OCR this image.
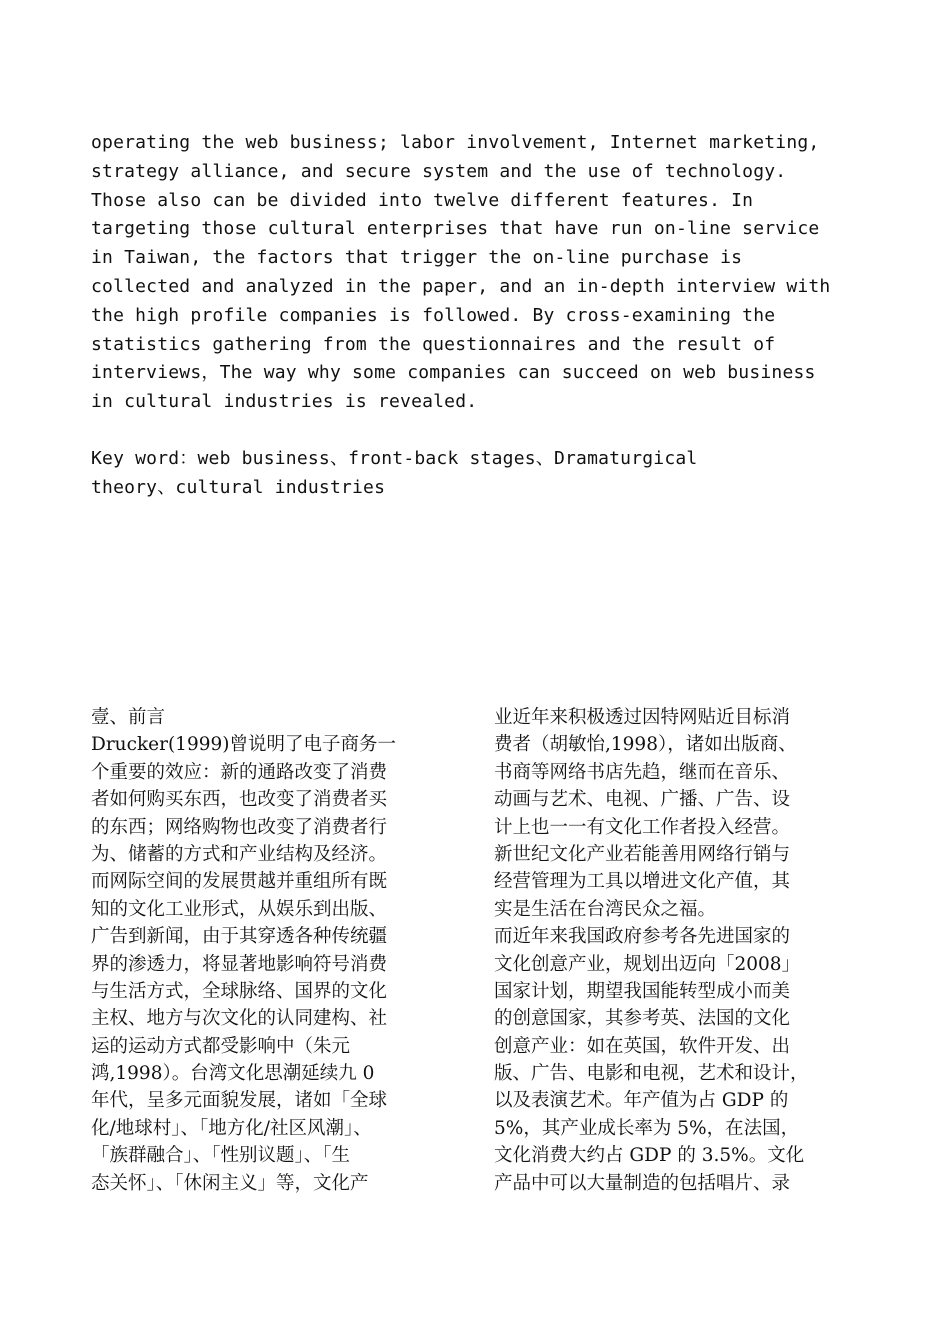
operating the web business; labor involvement, Internet marketing,
strategy alliance, and secure system and the use of technology.
Those also can be divided into twelve different features. In
targeting those cultural enterprises that have run on-line service
in Taiwan, the factors that trigger the on-line purchase is
collected and analyzed in the paper, and an in-depth interview with
the high profile companies is followed. By cross-examining the
statistics gathering from the questionnaires and the result of
interviews，The way why some companies can succeed on web business
in cultural industries is revealed.
Key word：web business、front-back stages、Dramaturgical
theory、cultural industries
壹、前言
Drucker(1999)曾说明了电子商务一
个重要的效应：新的通路改变了消费
者如何购买东西，也改变了消费者买
的东西；网络购物也改变了消费者行
为、储蓄的方式和产业结构及经济。
而网际空间的发展贯越并重组所有既
知的文化工业形式，从娱乐到出版、
广告到新闻，由于其穿透各种传统疆
界的渗透力，将显著地影响符号消费
与生活方式，全球脉络、国界的文化
主权、地方与次文化的认同建构、社
运的运动方式都受影响中（朱元
鸿,1998）。台湾文化思潮延续九 0
年代，呈多元面貌发展，诸如「全球
化/地球村」、「地方化/社区风潮」、
「族群融合」、「性别议题」、「生
态关怀」、「休闲主义」等，文化产
业近年来积极透过因特网贴近目标消
费者（胡敏怡,1998），诸如出版商、
书商等网络书店先趋，继而在音乐、
动画与艺术、电视、广播、广告、设
计上也一一有文化工作者投入经营。
新世纪文化产业若能善用网络行销与
经营管理为工具以增进文化产值，其
实是生活在台湾民众之福。
而近年来我国政府参考各先进国家的
文化创意产业，规划出迈向「2008」
国家计划，期望我国能转型成小而美
的创意国家，其参考英、法国的文化
创意产业：如在英国，软件开发、出
版、广告、电影和电视，艺术和设计，
以及表演艺术。年产值为占 GDP 的
5%，其产业成长率为 5%，在法国，
文化消费大约占 GDP 的 3.5%。文化
产品中可以大量制造的包括唱片、录
